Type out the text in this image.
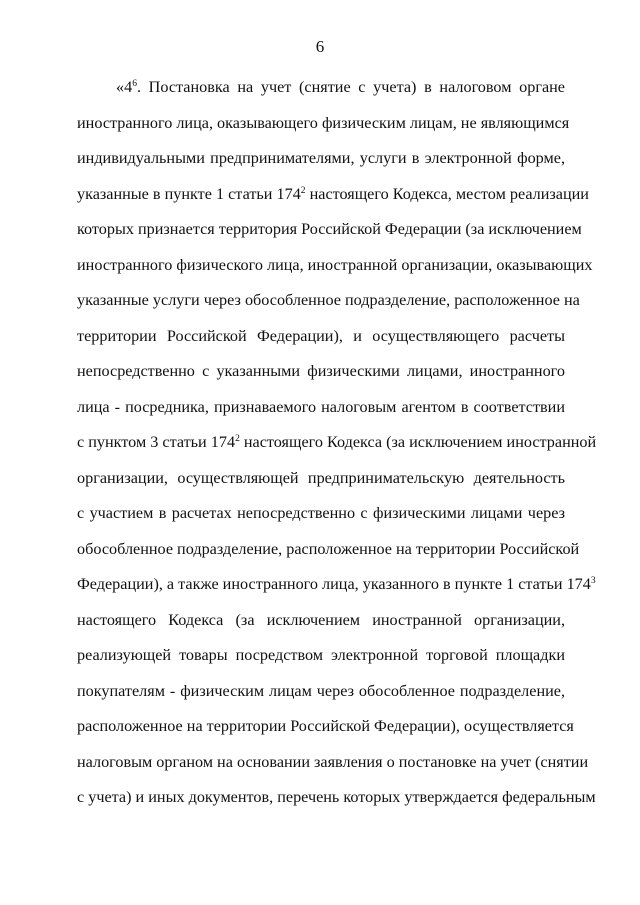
6
«$4^6$. Постановка на учет (снятие с учета) в налоговом органе
иностранного лица, оказывающего физическим лицам, не являющимся
индивидуальными предпринимателями, услуги в электронной форме,
указанные в пункте 1 статьи $174^2$ настоящего Кодекса, местом реализации
которых признается территория Российской Федерации (за исключением
иностранного физического лица, иностранной организации, оказывающих
указанные услуги через обособленное подразделение, расположенное на
территории Российской Федерации), и осуществляющего расчеты
непосредственно с указанными физическими лицами, иностранного
лица - посредника, признаваемого налоговым агентом в соответствии
с пунктом 3 статьи $174^2$ настоящего Кодекса (за исключением иностранной
организации, осуществляющей предпринимательскую деятельность
с участием в расчетах непосредственно с физическими лицами через
обособленное подразделение, расположенное на территории Российской
Федерации), а также иностранного лица, указанного в пункте 1 статьи $174^3$
настоящего Кодекса (за исключением иностранной организации,
реализующей товары посредством электронной торговой площадки
покупателям - физическим лицам через обособленное подразделение,
расположенное на территории Российской Федерации), осуществляется
налоговым органом на основании заявления о постановке на учет (снятии
с учета) и иных документов, перечень которых утверждается федеральным
